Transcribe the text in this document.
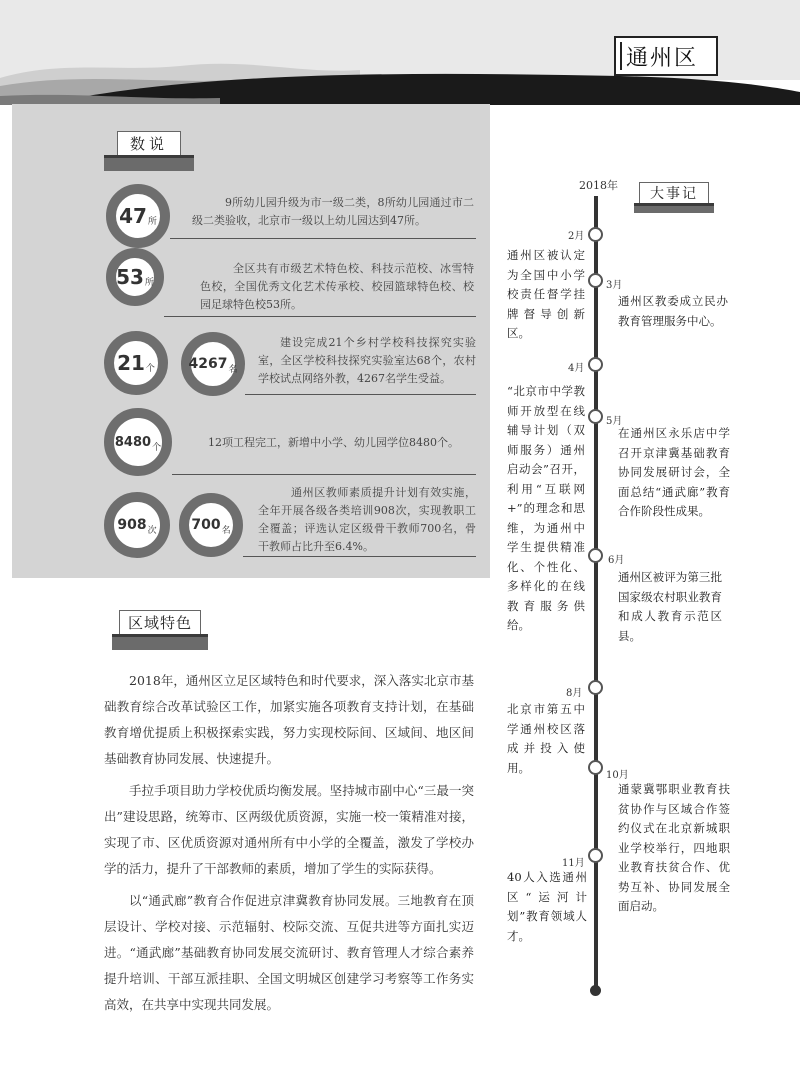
通州区
数说
47 所
9所幼儿园升级为市一级二类，8所幼儿园通过市二级二类验收，北京市一级以上幼儿园达到47所。
53 所
全区共有市级艺术特色校、科技示范校、冰雪特色校，全国优秀文化艺术传承校、校园篮球特色校、校园足球特色校53所。
21 个 4267 名
建设完成21个乡村学校科技探究实验室，全区学校科技探究实验室达68个，农村学校试点网络外教，4267名学生受益。
8480 个	12项工程完工，新增中小学、幼儿园学位8480个。
908 次 700 名
通州区教师素质提升计划有效实施，全年开展各级各类培训908次，实现教职工全覆盖；评选认定区级骨干教师700名，骨干教师占比升至6.4%。
区域特色

2018年，通州区立足区域特色和时代要求，深入落实北京市基础教育综合改革试验区工作，加紧实施各项教育支持计划，在基础教育增优提质上积极探索实践，努力实现校际间、区域间、地区间基础教育协同发展、快速提升。

手拉手项目助力学校优质均衡发展。坚持城市副中心“三最一突出”建设思路，统筹市、区两级优质资源，实施一校一策精准对接，实现了市、区优质资源对通州所有中小学的全覆盖，激发了学校办学的活力，提升了干部教师的素质，增加了学生的实际获得。

以“通武廊”教育合作促进京津冀教育协同发展。三地教育在顶层设计、学校对接、示范辐射、校际交流、互促共进等方面扎实迈进。“通武廊”基础教育协同发展交流研讨、教育管理人才综合素养提升培训、干部互派挂职、全国文明城区创建学习考察等工作务实高效，在共享中实现共同发展。

2018年
大事记
2月
通州区被认定为全国中小学校责任督学挂牌督导创新区。
3月
通州区教委成立民办教育管理服务中心。
4月
“北京市中学教师开放型在线辅导计划（双师服务）通州启动会”召开，利用“互联网+”的理念和思维，为通州中学生提供精准化、个性化、多样化的在线教育服务供给。
5月
在通州区永乐店中学召开京津冀基础教育协同发展研讨会，全面总结“通武廊”教育合作阶段性成果。
6月
通州区被评为第三批国家级农村职业教育和成人教育示范区县。
8月
北京市第五中学通州校区落成并投入使用。
10月
通蒙冀鄂职业教育扶贫协作与区域合作签约仪式在北京新城职业学校举行，四地职业教育扶贫合作、优势互补、协同发展全面启动。
11月
40人入选通州区“运河计划”教育领域人才。
